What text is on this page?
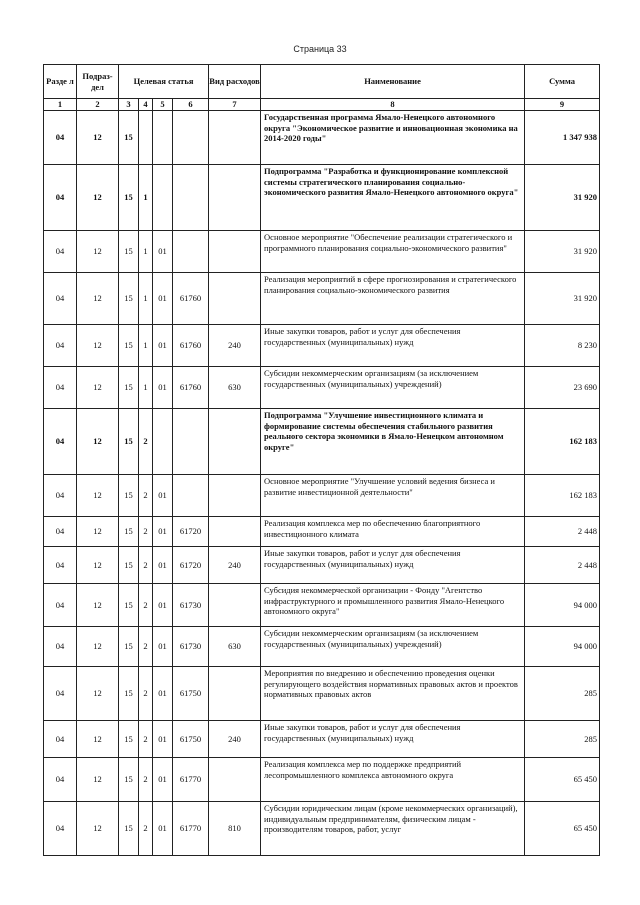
Страница 33
Разде л	Подраз- дел	Целевая статья				Вид расходов	Наименование	Сумма
1	2	3	4	5	6	7	8	9
04	12	15					Государственная программа Ямало-Ненецкого автономного округа "Экономическое развитие и инновационная экономика на 2014-2020 годы"	1 347 938
04	12	15	1				Подпрограмма "Разработка и функционирование комплексной системы стратегического планирования социально-экономического развития Ямало-Ненецкого автономного округа"	31 920
04	12	15	1	01			Основное мероприятие "Обеспечение реализации стратегического и программного планирования социально-экономического развития"	31 920
04	12	15	1	01	61760		Реализация мероприятий в сфере прогнозирования и стратегического планирования социально-экономического развития	31 920
04	12	15	1	01	61760	240	Иные закупки товаров, работ и услуг для обеспечения государственных (муниципальных) нужд	8 230
04	12	15	1	01	61760	630	Субсидии некоммерческим организациям (за исключением государственных (муниципальных) учреждений)	23 690
04	12	15	2				Подпрограмма "Улучшение инвестиционного климата и формирование системы обеспечения стабильного развития реального сектора экономики в Ямало-Ненецком автономном округе"	162 183
04	12	15	2	01			Основное мероприятие "Улучшение условий ведения бизнеса и развитие инвестиционной деятельности"	162 183
04	12	15	2	01	61720		Реализация комплекса мер по обеспечению благоприятного инвестиционного климата	2 448
04	12	15	2	01	61720	240	Иные закупки товаров, работ и услуг для обеспечения государственных (муниципальных) нужд	2 448
04	12	15	2	01	61730		Субсидия некоммерческой организации - Фонду "Агентство инфраструктурного и промышленного развития Ямало-Ненецкого автономного округа"	94 000
04	12	15	2	01	61730	630	Субсидии некоммерческим организациям (за исключением государственных (муниципальных) учреждений)	94 000
04	12	15	2	01	61750		Мероприятия по внедрению и обеспечению проведения оценки регулирующего воздействия нормативных правовых актов и проектов нормативных правовых актов	285
04	12	15	2	01	61750	240	Иные закупки товаров, работ и услуг для обеспечения государственных (муниципальных) нужд	285
04	12	15	2	01	61770		Реализация комплекса мер по поддержке предприятий лесопромышленного комплекса автономного округа	65 450
04	12	15	2	01	61770	810	Субсидии юридическим лицам (кроме некоммерческих организаций), индивидуальным предпринимателям, физическим лицам - производителям товаров, работ, услуг	65 450
